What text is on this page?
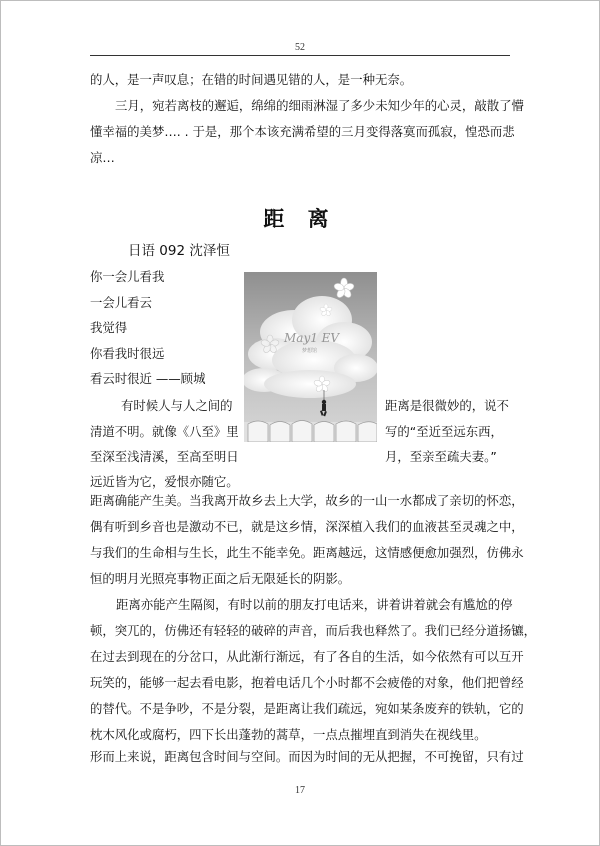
52
的人，是一声叹息；在错的时间遇见错的人，是一种无奈。
三月，宛若离枝的邂逅，绵绵的细雨淋湿了多少未知少年的心灵，敲散了懵
懂幸福的美梦…. . 于是，那个本该充满希望的三月变得落寞而孤寂，惶恐而悲
凉…
距 离
日语 092 沈泽恒
你一会儿看我
一会儿看云
我觉得
你看我时很远
看云时很近 ——顾城
May1 EV
梦想馆
有时候人与人之间的
清道不明。就像《八至》里
至深至浅清溪，至高至明日
远近皆为它，爱恨亦随它。
距离是很微妙的，说不
写的“至近至远东西，
月，至亲至疏夫妻。”
距离确能产生美。当我离开故乡去上大学，故乡的一山一水都成了亲切的怀恋，
偶有听到乡音也是激动不已，就是这乡情，深深植入我们的血液甚至灵魂之中，
与我们的生命相与生长，此生不能幸免。距离越远，这情感便愈加强烈，仿佛永
恒的明月光照亮事物正面之后无限延长的阴影。
距离亦能产生隔阂，有时以前的朋友打电话来，讲着讲着就会有尴尬的停
顿，突兀的，仿佛还有轻轻的破碎的声音，而后我也释然了。我们已经分道扬镳，
在过去到现在的分岔口，从此渐行渐远，有了各自的生活，如今依然有可以互开
玩笑的，能够一起去看电影，抱着电话几个小时都不会疲倦的对象，他们把曾经
的替代。不是争吵，不是分裂，是距离让我们疏远，宛如某条废弃的铁轨，它的
枕木风化或腐朽，四下长出蓬勃的蒿草，一点点摧埋直到消失在视线里。
形而上来说，距离包含时间与空间。而因为时间的无从把握，不可挽留，只有过
17
